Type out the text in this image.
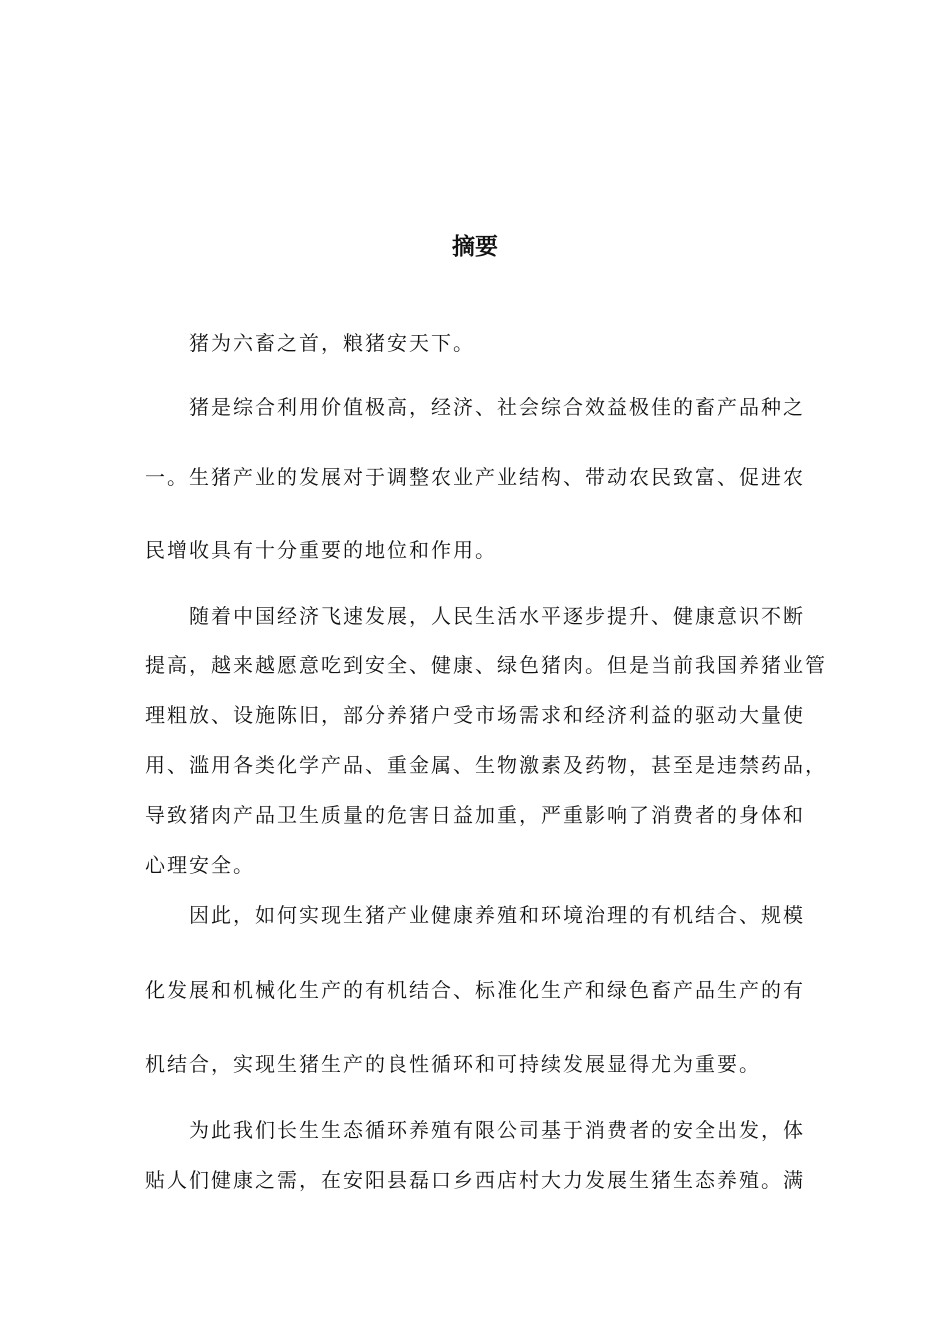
摘要
猪为六畜之首，粮猪安天下。
猪是综合利用价值极高，经济、社会综合效益极佳的畜产品种之
一。生猪产业的发展对于调整农业产业结构、带动农民致富、促进农
民增收具有十分重要的地位和作用。
随着中国经济飞速发展，人民生活水平逐步提升、健康意识不断
提高，越来越愿意吃到安全、健康、绿色猪肉。但是当前我国养猪业管
理粗放、设施陈旧，部分养猪户受市场需求和经济利益的驱动大量使
用、滥用各类化学产品、重金属、生物激素及药物，甚至是违禁药品，
导致猪肉产品卫生质量的危害日益加重，严重影响了消费者的身体和
心理安全。
因此，如何实现生猪产业健康养殖和环境治理的有机结合、规模
化发展和机械化生产的有机结合、标准化生产和绿色畜产品生产的有
机结合，实现生猪生产的良性循环和可持续发展显得尤为重要。
为此我们长生生态循环养殖有限公司基于消费者的安全出发，体
贴人们健康之需，在安阳县磊口乡西店村大力发展生猪生态养殖。满
